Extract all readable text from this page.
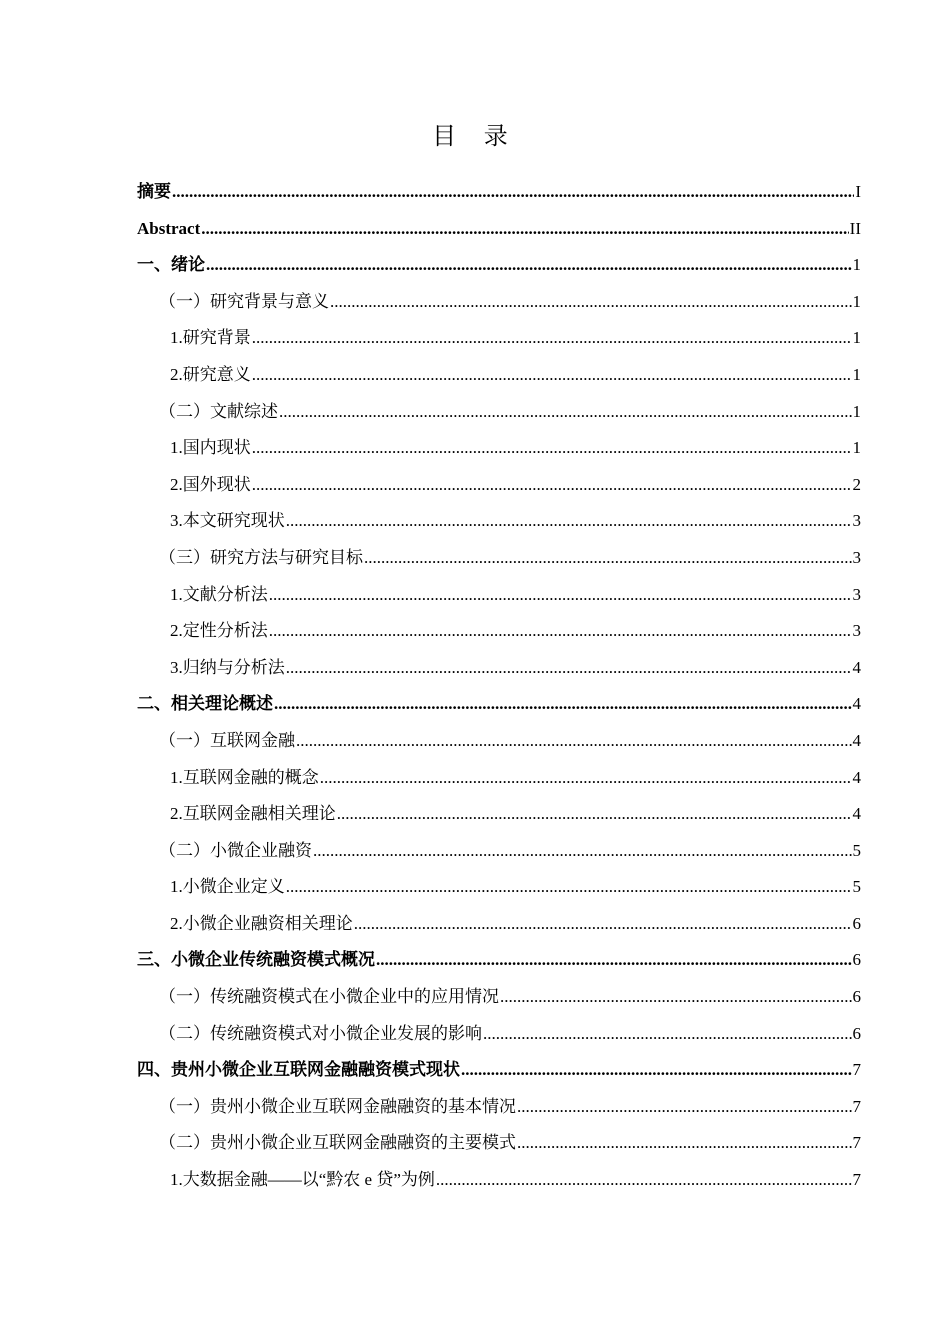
目 录
摘要 .....	I
Abstract .....	II
一、绪论 .....	1
（一）研究背景与意义 .....	1
1.研究背景 .....	1
2.研究意义 .....	1
（二）文献综述 .....	1
1.国内现状 .....	1
2.国外现状 .....	2
3.本文研究现状 .....	3
（三）研究方法与研究目标 .....	3
1.文献分析法 .....	3
2.定性分析法 .....	3
3.归纳与分析法 .....	4
二、相关理论概述 .....	4
（一）互联网金融 .....	4
1.互联网金融的概念 .....	4
2.互联网金融相关理论 .....	4
（二）小微企业融资 .....	5
1.小微企业定义 .....	5
2.小微企业融资相关理论 .....	6
三、小微企业传统融资模式概况 .....	6
（一）传统融资模式在小微企业中的应用情况 .....	6
（二）传统融资模式对小微企业发展的影响 .....	6
四、贵州小微企业互联网金融融资模式现状 .....	7
（一）贵州小微企业互联网金融融资的基本情况 .....	7
（二）贵州小微企业互联网金融融资的主要模式 .....	7
1.大数据金融——以“黔农 e 贷”为例 .....	7
